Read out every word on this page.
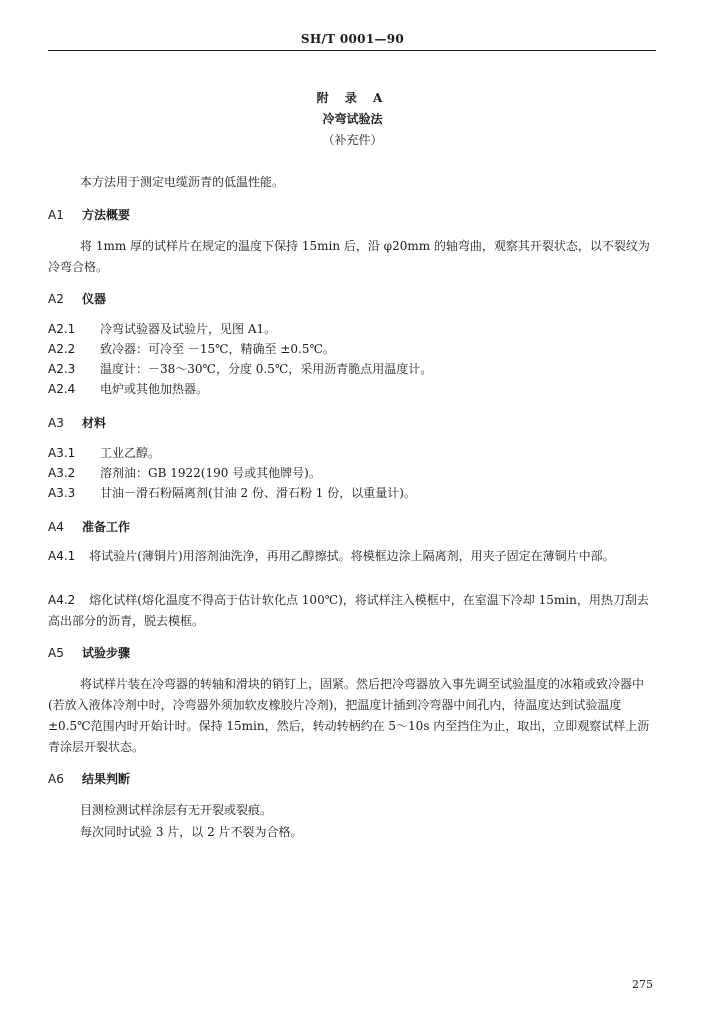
SH/T 0001—90
附 录 A
冷弯试验法
（补充件）
本方法用于测定电缆沥青的低温性能。
A1 方法概要
将 1mm 厚的试样片在规定的温度下保持 15min 后，沿 φ20mm 的轴弯曲，观察其开裂状态，以不裂纹为冷弯合格。
A2 仪器
A2.1 冷弯试验器及试验片，见图 A1。
A2.2 致冷器：可冷至 －15℃，精确至 ±0.5℃。
A2.3 温度计：－38～30℃，分度 0.5℃，采用沥青脆点用温度计。
A2.4 电炉或其他加热器。
A3 材料
A3.1 工业乙醇。
A3.2 溶剂油：GB 1922(190 号或其他牌号)。
A3.3 甘油－滑石粉隔离剂(甘油 2 份、滑石粉 1 份，以重量计)。
A4 准备工作
A4.1 将试验片(薄铜片)用溶剂油洗净，再用乙醇擦拭。将模框边涂上隔离剂，用夹子固定在薄铜片中部。
A4.2 熔化试样(熔化温度不得高于估计软化点 100℃)，将试样注入模框中，在室温下冷却 15min，用热刀刮去高出部分的沥青，脱去模框。
A5 试验步骤
将试样片装在冷弯器的转轴和滑块的销钉上，固紧。然后把冷弯器放入事先调至试验温度的冰箱或致冷器中(若放入液体冷剂中时，冷弯器外须加软皮橡胶片冷剂)，把温度计插到冷弯器中间孔内，待温度达到试验温度 ±0.5℃范围内时开始计时。保持 15min，然后，转动转柄约在 5～10s 内至挡住为止，取出，立即观察试样上沥青涂层开裂状态。
A6 结果判断
目测检测试样涂层有无开裂或裂痕。
每次同时试验 3 片，以 2 片不裂为合格。
275
